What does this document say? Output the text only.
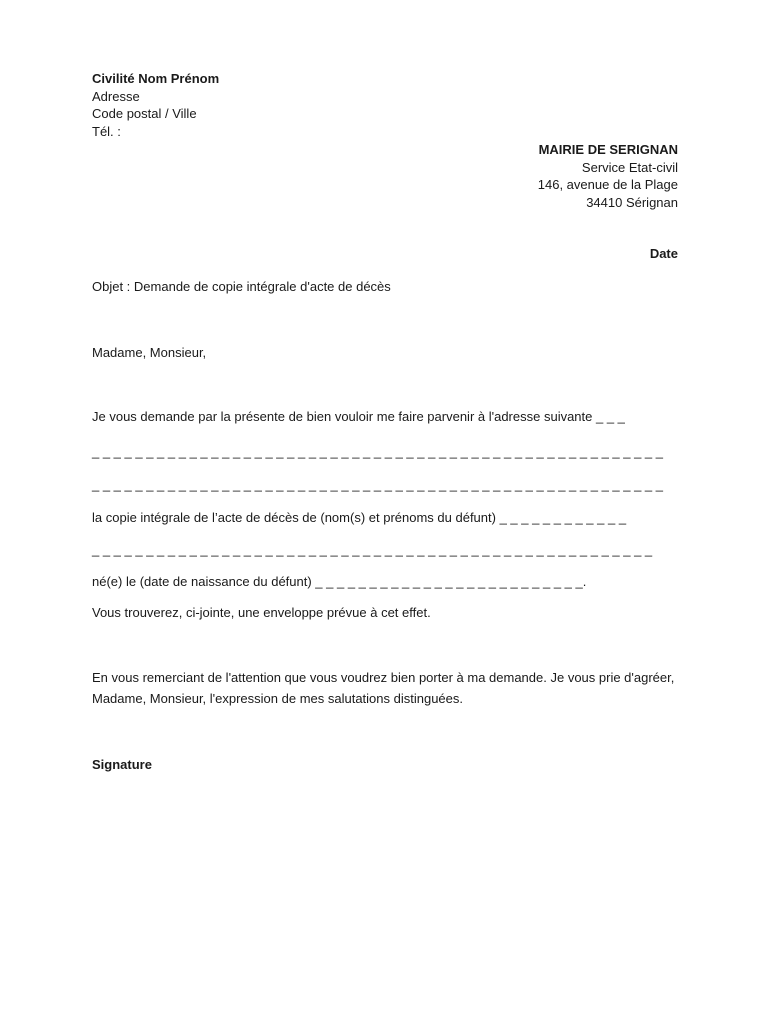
Civilité Nom Prénom
Adresse
Code postal / Ville
Tél. :
MAIRIE DE SERIGNAN
Service Etat-civil
146, avenue de la Plage
34410 Sérignan
Date
Objet : Demande de copie intégrale d'acte de décès
Madame, Monsieur,
Je vous demande par la présente de bien vouloir me faire parvenir à l'adresse suivante _ _ _
_ _ _ _ _ _ _ _ _ _ _ _ _ _ _ _ _ _ _ _ _ _ _ _ _ _ _ _ _ _ _ _ _ _ _ _ _ _ _ _ _ _ _ _ _ _ _ _ _ _ _ _ _
_ _ _ _ _ _ _ _ _ _ _ _ _ _ _ _ _ _ _ _ _ _ _ _ _ _ _ _ _ _ _ _ _ _ _ _ _ _ _ _ _ _ _ _ _ _ _ _ _ _ _ _ _
la copie intégrale de l’acte de décès de (nom(s) et prénoms du défunt) _ _ _ _ _ _ _ _ _ _ _ _
_ _ _ _ _ _ _ _ _ _ _ _ _ _ _ _ _ _ _ _ _ _ _ _ _ _ _ _ _ _ _ _ _ _ _ _ _ _ _ _ _ _ _ _ _ _ _ _ _ _ _ _
né(e) le (date de naissance du défunt) _ _ _ _ _ _ _ _ _ _ _ _ _ _ _ _ _ _ _ _ _ _ _ _ _.
Vous trouverez, ci-jointe, une enveloppe prévue à cet effet.
En vous remerciant de l'attention que vous voudrez bien porter à ma demande. Je vous prie d'agréer, Madame, Monsieur, l'expression de mes salutations distinguées.
Signature
